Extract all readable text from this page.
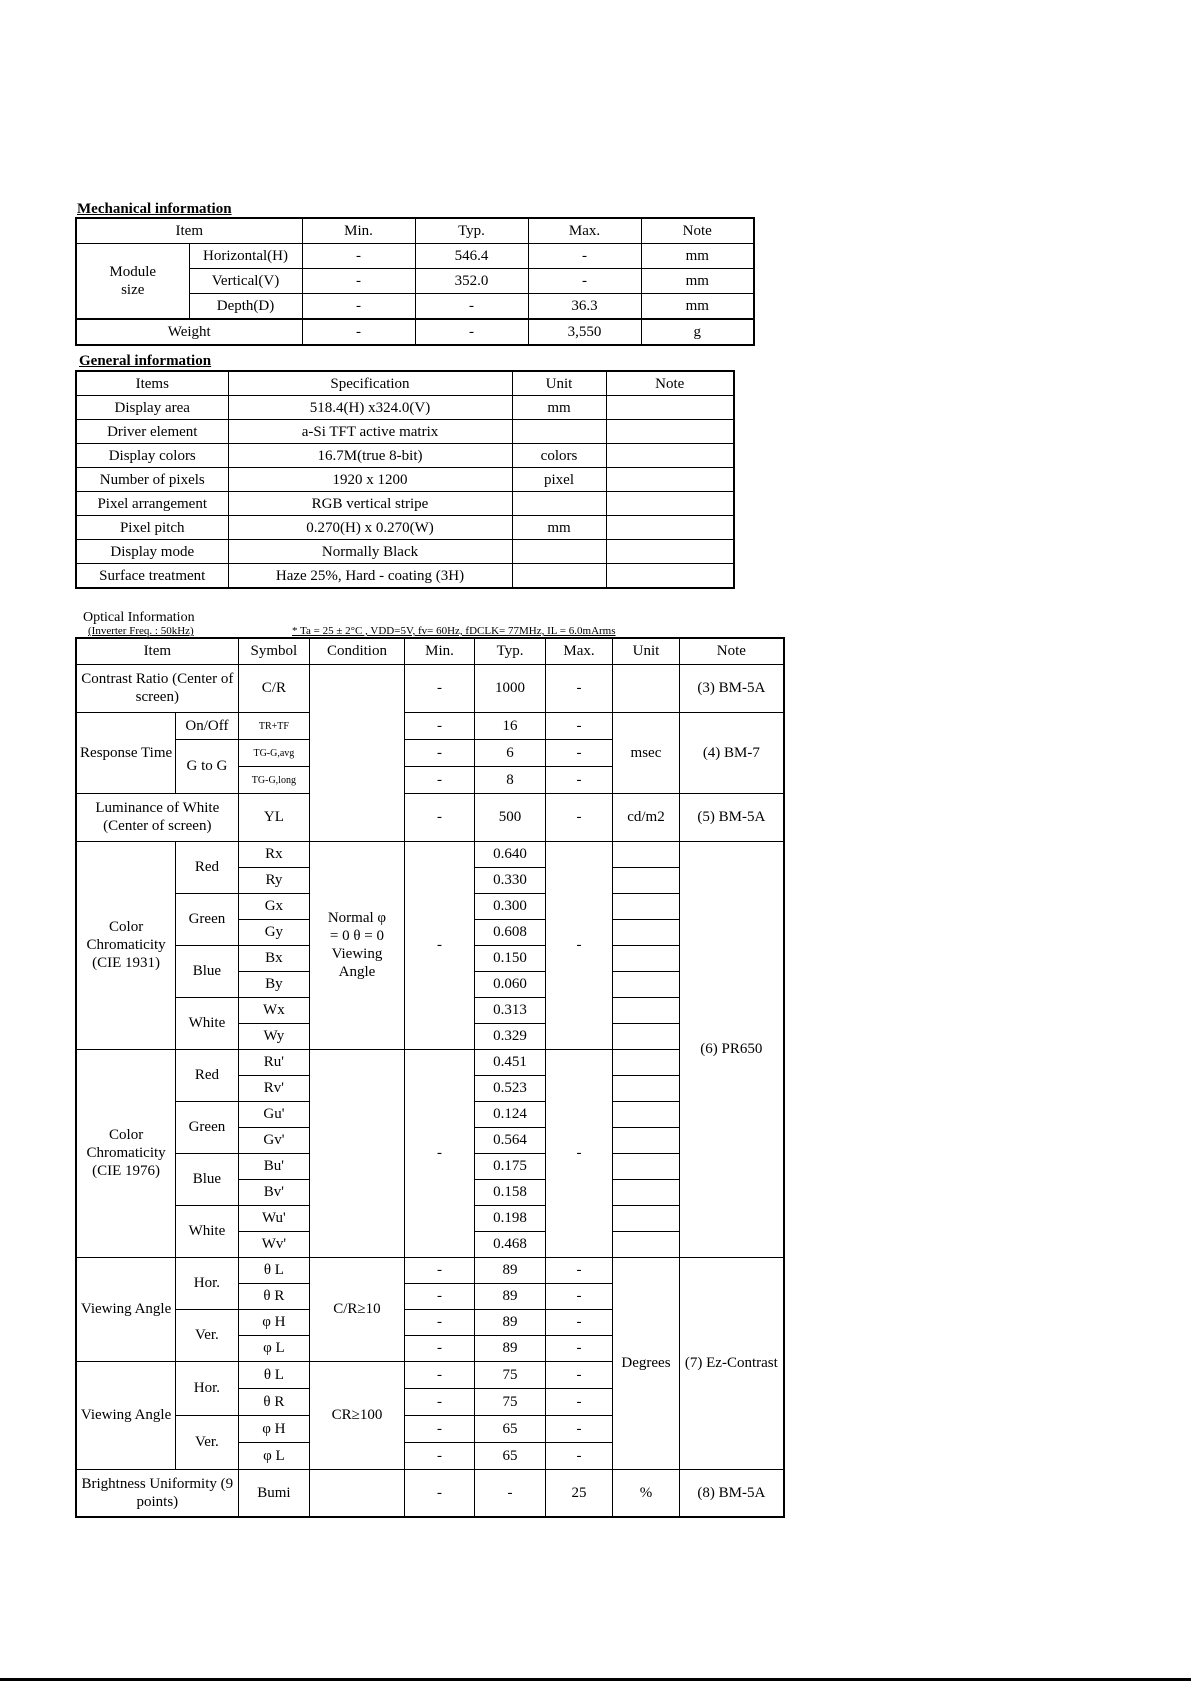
Mechanical information
Item		Min.	Typ.	Max.	Note
Module size	Horizontal(H)	-	546.4	-	mm
	Vertical(V)	-	352.0	-	mm
	Depth(D)	-	-	36.3	mm
Weight		-	-	3,550	g
General information
Items	Specification	Unit	Note
Display area	518.4(H) x324.0(V)	mm	
Driver element	a-Si TFT active matrix		
Display colors	16.7M(true 8-bit)	colors	
Number of pixels	1920 x 1200	pixel	
Pixel arrangement	RGB vertical stripe		
Pixel pitch	0.270(H) x 0.270(W)	mm	
Display mode	Normally Black		
Surface treatment	Haze 25%, Hard - coating (3H)		
Optical Information
(Inverter Freq. : 50kHz)	* Ta = 25 ± 2°C , VDD=5V, fv= 60Hz, fDCLK= 77MHz, IL = 6.0mArms
Item		Symbol	Condition	Min.	Typ.	Max.	Unit	Note
Contrast Ratio (Center of screen)		C/R		-	1000	-		(3) BM-5A
Response Time	On/Off	TR+TF		-	16	-	msec	(4) BM-7
	G to G	TG-G,avg		-	6	-		
		TG-G,long		-	8	-		
Luminance of White (Center of screen)		YL		-	500	-	cd/m2	(5) BM-5A
Color Chromaticity (CIE 1931)	Red	Rx	Normal φ = 0 θ = 0 Viewing Angle	-	0.640	-		(6) PR650
		Ry			0.330			
	Green	Gx			0.300			
		Gy			0.608			
	Blue	Bx			0.150			
		By			0.060			
	White	Wx			0.313			
		Wy			0.329			
Color Chromaticity (CIE 1976)	Red	Ru'		-	0.451	-		
		Rv'			0.523			
	Green	Gu'			0.124			
		Gv'			0.564			
	Blue	Bu'			0.175			
		Bv'			0.158			
	White	Wu'			0.198			
		Wv'			0.468			
Viewing Angle	Hor.	θ L	C/R≥10	-	89	-	Degrees	(7) Ez-Contrast
		θ R		-	89	-		
	Ver.	φ H		-	89	-		
		φ L		-	89	-		
Viewing Angle	Hor.	θ L	CR≥100	-	75	-		
		θ R		-	75	-		
	Ver.	φ H		-	65	-		
		φ L		-	65	-		
Brightness Uniformity (9 points)		Bumi		-	-	25	%	(8) BM-5A
